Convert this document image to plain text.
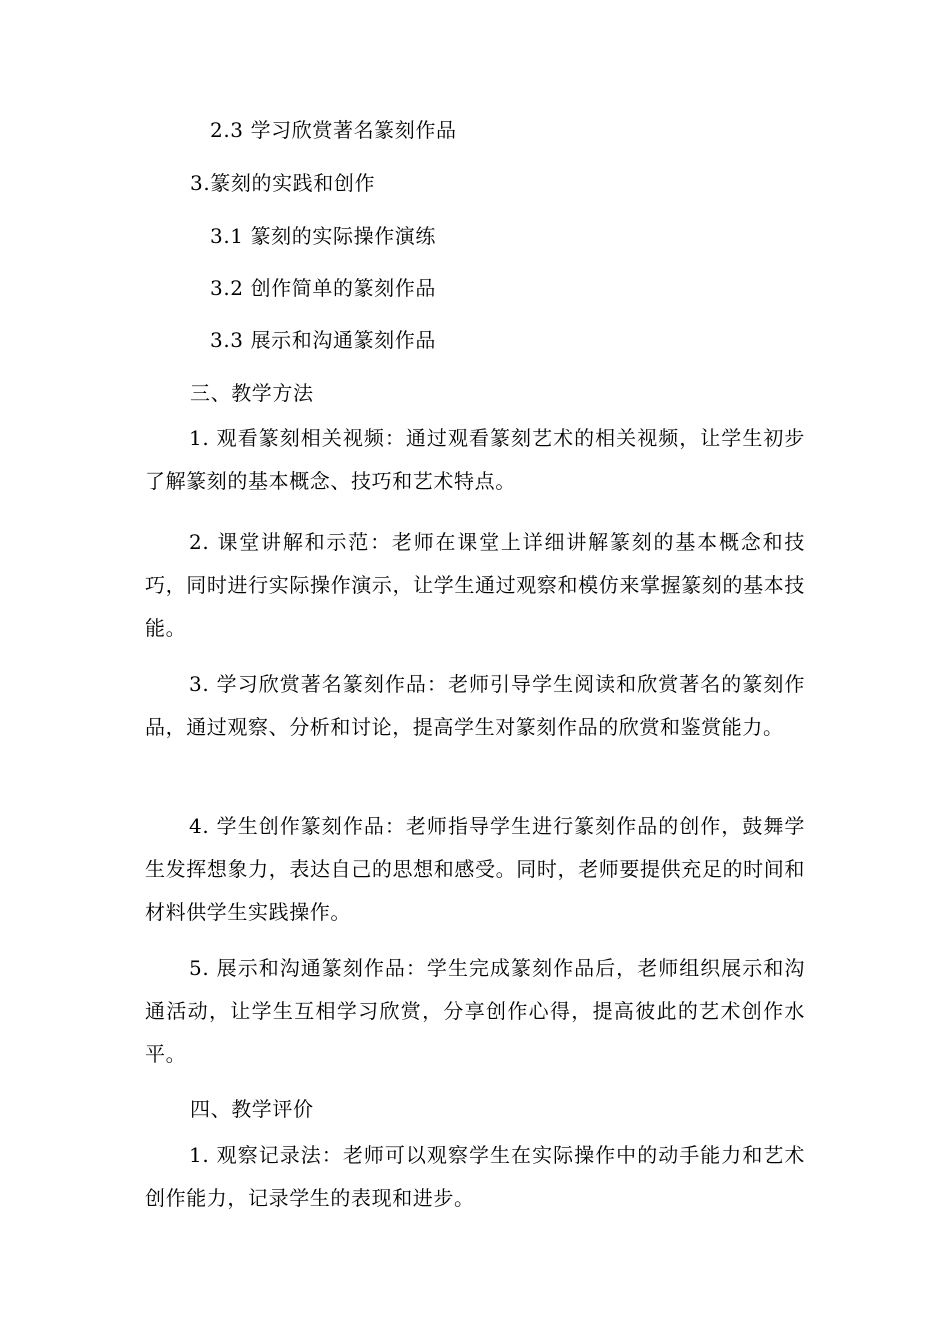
2.3 学习欣赏著名篆刻作品
3.篆刻的实践和创作
3.1 篆刻的实际操作演练
3.2 创作简单的篆刻作品
3.3 展示和沟通篆刻作品
三、教学方法

1. 观看篆刻相关视频：通过观看篆刻艺术的相关视频，让学生初步了解篆刻的基本概念、技巧和艺术特点。

2. 课堂讲解和示范：老师在课堂上详细讲解篆刻的基本概念和技巧，同时进行实际操作演示，让学生通过观察和模仿来掌握篆刻的基本技能。

3. 学习欣赏著名篆刻作品：老师引导学生阅读和欣赏著名的篆刻作品，通过观察、分析和讨论，提高学生对篆刻作品的欣赏和鉴赏能力。

4. 学生创作篆刻作品：老师指导学生进行篆刻作品的创作，鼓舞学生发挥想象力，表达自己的思想和感受。同时，老师要提供充足的时间和材料供学生实践操作。

5. 展示和沟通篆刻作品：学生完成篆刻作品后，老师组织展示和沟通活动，让学生互相学习欣赏，分享创作心得，提高彼此的艺术创作水平。

四、教学评价

1. 观察记录法：老师可以观察学生在实际操作中的动手能力和艺术创作能力，记录学生的表现和进步。
